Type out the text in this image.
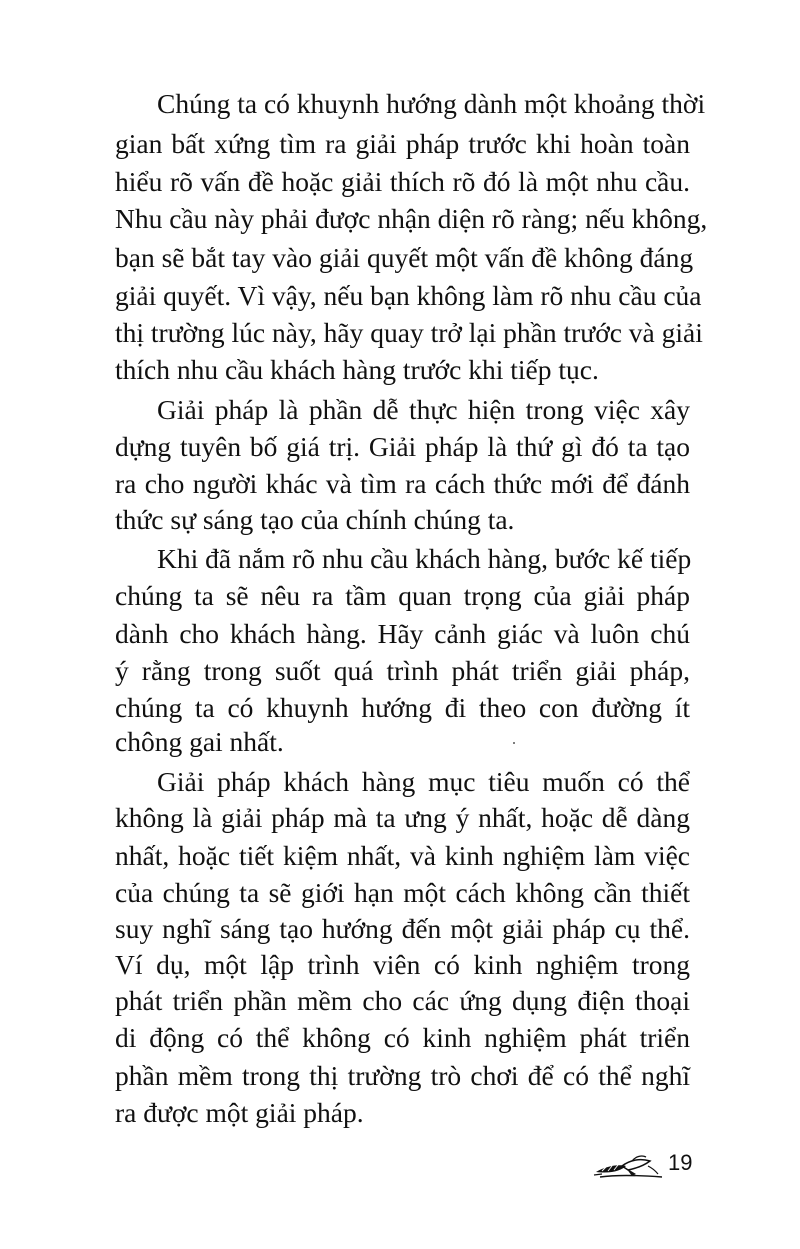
Chúng ta có khuynh hướng dành một khoảng thời

gian bất xứng tìm ra giải pháp trước khi hoàn toàn

hiểu rõ vấn đề hoặc giải thích rõ đó là một nhu cầu.

Nhu cầu này phải được nhận diện rõ ràng; nếu không,

bạn sẽ bắt tay vào giải quyết một vấn đề không đáng

giải quyết. Vì vậy, nếu bạn không làm rõ nhu cầu của

thị trường lúc này, hãy quay trở lại phần trước và giải

thích nhu cầu khách hàng trước khi tiếp tục.

Giải pháp là phần dễ thực hiện trong việc xây

dựng tuyên bố giá trị. Giải pháp là thứ gì đó ta tạo

ra cho người khác và tìm ra cách thức mới để đánh

thức sự sáng tạo của chính chúng ta.

Khi đã nắm rõ nhu cầu khách hàng, bước kế tiếp

chúng ta sẽ nêu ra tầm quan trọng của giải pháp

dành cho khách hàng. Hãy cảnh giác và luôn chú

ý rằng trong suốt quá trình phát triển giải pháp,

chúng ta có khuynh hướng đi theo con đường ít

chông gai nhất.

Giải pháp khách hàng mục tiêu muốn có thể

không là giải pháp mà ta ưng ý nhất, hoặc dễ dàng

nhất, hoặc tiết kiệm nhất, và kinh nghiệm làm việc

của chúng ta sẽ giới hạn một cách không cần thiết

suy nghĩ sáng tạo hướng đến một giải pháp cụ thể.

Ví dụ, một lập trình viên có kinh nghiệm trong

phát triển phần mềm cho các ứng dụng điện thoại

di động có thể không có kinh nghiệm phát triển

phần mềm trong thị trường trò chơi để có thể nghĩ

ra được một giải pháp.

19
